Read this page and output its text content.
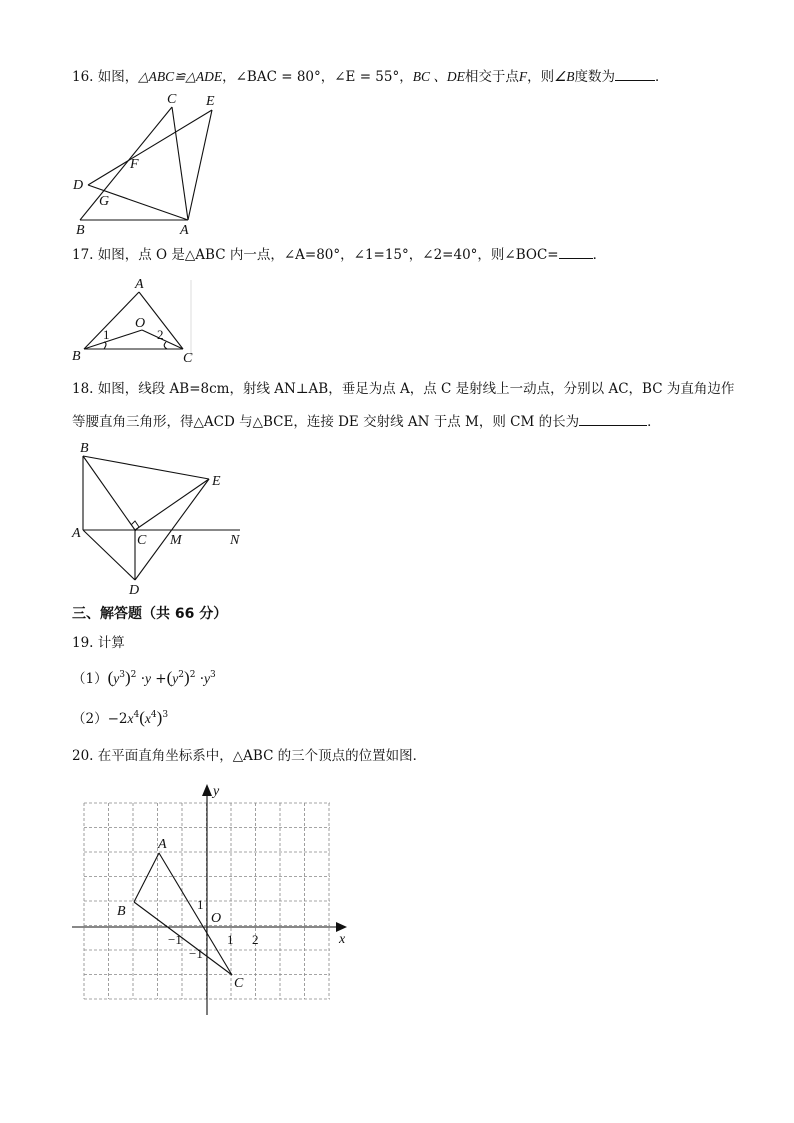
16. 如图，△ABC≌△ADE，∠BAC = 80°，∠E = 55°，BC 、DE相交于点F，则∠B度数为	．
C E
F
D
G
B	A
17. 如图，点 O 是△ABC 内一点，∠A=80°，∠1=15°，∠2=40°，则∠BOC=	．
A
O
1	2
B	C
18. 如图，线段 AB=8cm，射线 AN⊥AB，垂足为点 A，点 C 是射线上一动点，分别以 AC，BC 为直角边作
等腰直角三角形，得△ACD 与△BCE，连接 DE 交射线 AN 于点 M，则 CM 的长为	．
B
E
A	C M	N
D
三、解答题（共 66 分）
19. 计算
$(1)(y^3)^2 \cdot y +(y^2)^2 \cdot y^3$
$(2)-2x^4(x^4)^3$
20. 在平面直角坐标系中，△ABC 的三个顶点的位置如图．
y
x
O
−1	1 2
1
−1
A
B
C
